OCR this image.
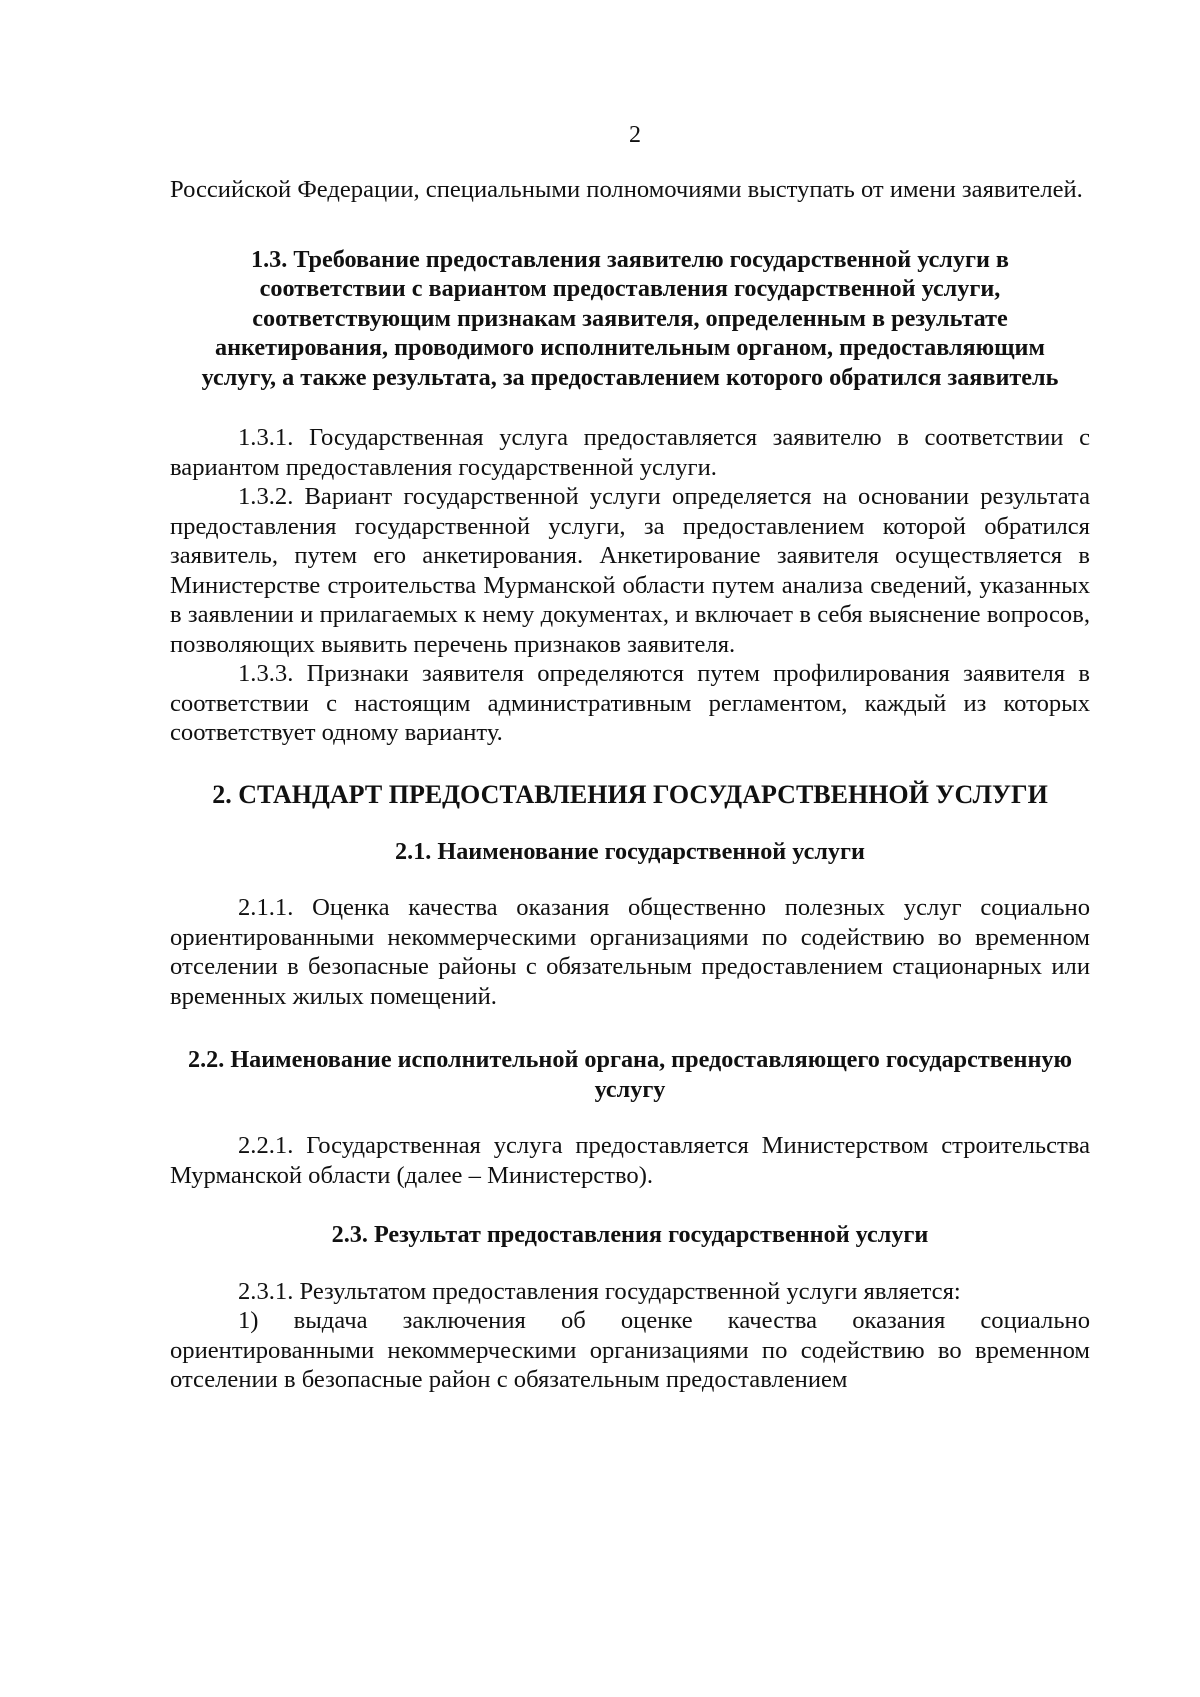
2

Российской Федерации, специальными полномочиями выступать от имени заявителей.

1.3. Требование предоставления заявителю государственной услуги в соответствии с вариантом предоставления государственной услуги, соответствующим признакам заявителя, определенным в результате анкетирования, проводимого исполнительным органом, предоставляющим услугу, а также результата, за предоставлением которого обратился заявитель

1.3.1. Государственная услуга предоставляется заявителю в соответствии с вариантом предоставления государственной услуги.

1.3.2. Вариант государственной услуги определяется на основании результата предоставления государственной услуги, за предоставлением которой обратился заявитель, путем его анкетирования. Анкетирование заявителя осуществляется в Министерстве строительства Мурманской области путем анализа сведений, указанных в заявлении и прилагаемых к нему документах, и включает в себя выяснение вопросов, позволяющих выявить перечень признаков заявителя.

1.3.3. Признаки заявителя определяются путем профилирования заявителя в соответствии с настоящим административным регламентом, каждый из которых соответствует одному варианту.

2. СТАНДАРТ ПРЕДОСТАВЛЕНИЯ ГОСУДАРСТВЕННОЙ УСЛУГИ
2.1. Наименование государственной услуги

2.1.1. Оценка качества оказания общественно полезных услуг социально ориентированными некоммерческими организациями по содействию во временном отселении в безопасные районы с обязательным предоставлением стационарных или временных жилых помещений.

2.2. Наименование исполнительной органа, предоставляющего государственную услугу

2.2.1. Государственная услуга предоставляется Министерством строительства Мурманской области (далее – Министерство).

2.3. Результат предоставления государственной услуги

2.3.1. Результатом предоставления государственной услуги является:

1) выдача заключения об оценке качества оказания социально ориентированными некоммерческими организациями по содействию во временном отселении в безопасные район с обязательным предоставлением
